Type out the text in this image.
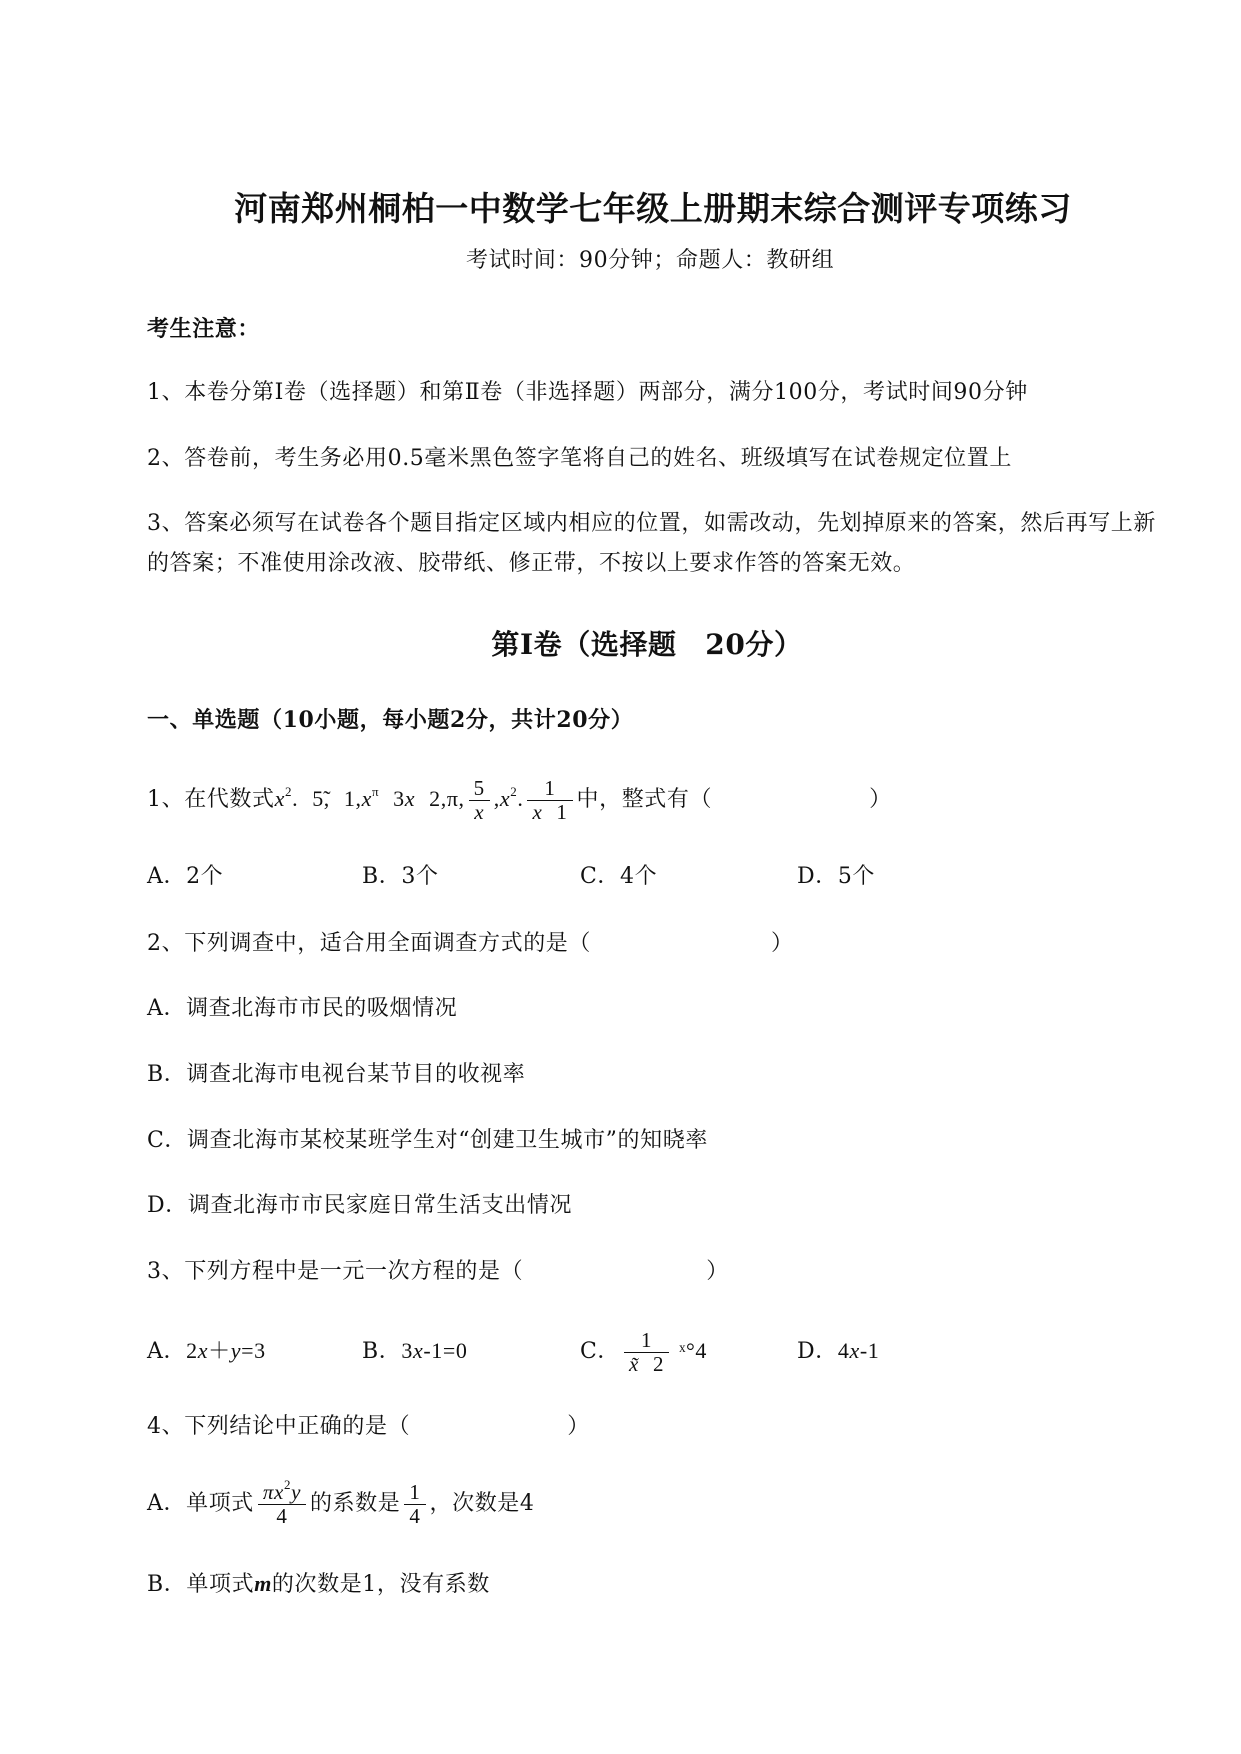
河南郑州桐柏一中数学七年级上册期末综合测评专项练习
考试时间：90分钟；命题人：教研组
考生注意：
1、本卷分第Ⅰ卷（选择题）和第Ⅱ卷（非选择题）两部分，满分100分，考试时间90分钟
2、答卷前，考生务必用0.5毫米黑色签字笔将自己的姓名、班级填写在试卷规定位置上
3、答案必须写在试卷各个题目指定区域内相应的位置，如需改动，先划掉原来的答案，然后再写上新
的答案；不准使用涂改液、胶带纸、修正带，不按以上要求作答的答案无效。
第Ⅰ卷（选择题　20分）
一、单选题（10小题，每小题2分，共计20分）
1、在代数式$x^2$. 5̃, $1,x^\pi$ 3x 2,π, $\frac{5}{x} ,x^2$. $\frac{1}{x 1}$ 中，整式有（	）
A．2个	B．3个	C．4个	D．5个
2、下列调查中，适合用全面调查方式的是（	）
A．调查北海市市民的吸烟情况
B．调查北海市电视台某节目的收视率
C．调查北海市某校某班学生对“创建卫生城市”的知晓率
D．调查北海市市民家庭日常生活支出情况
3、下列方程中是一元一次方程的是（	）
A．2x＋y=3	B．3x-1=0	C． $\frac{1}{x̃ 2}$ ˣ°4	D．4x-1
4、下列结论中正确的是（	）
A．单项式 $\frac{\pi x^2y}{4}$ 的系数是 $\frac{1}{4}$ ，次数是4
B．单项式m的次数是1，没有系数
